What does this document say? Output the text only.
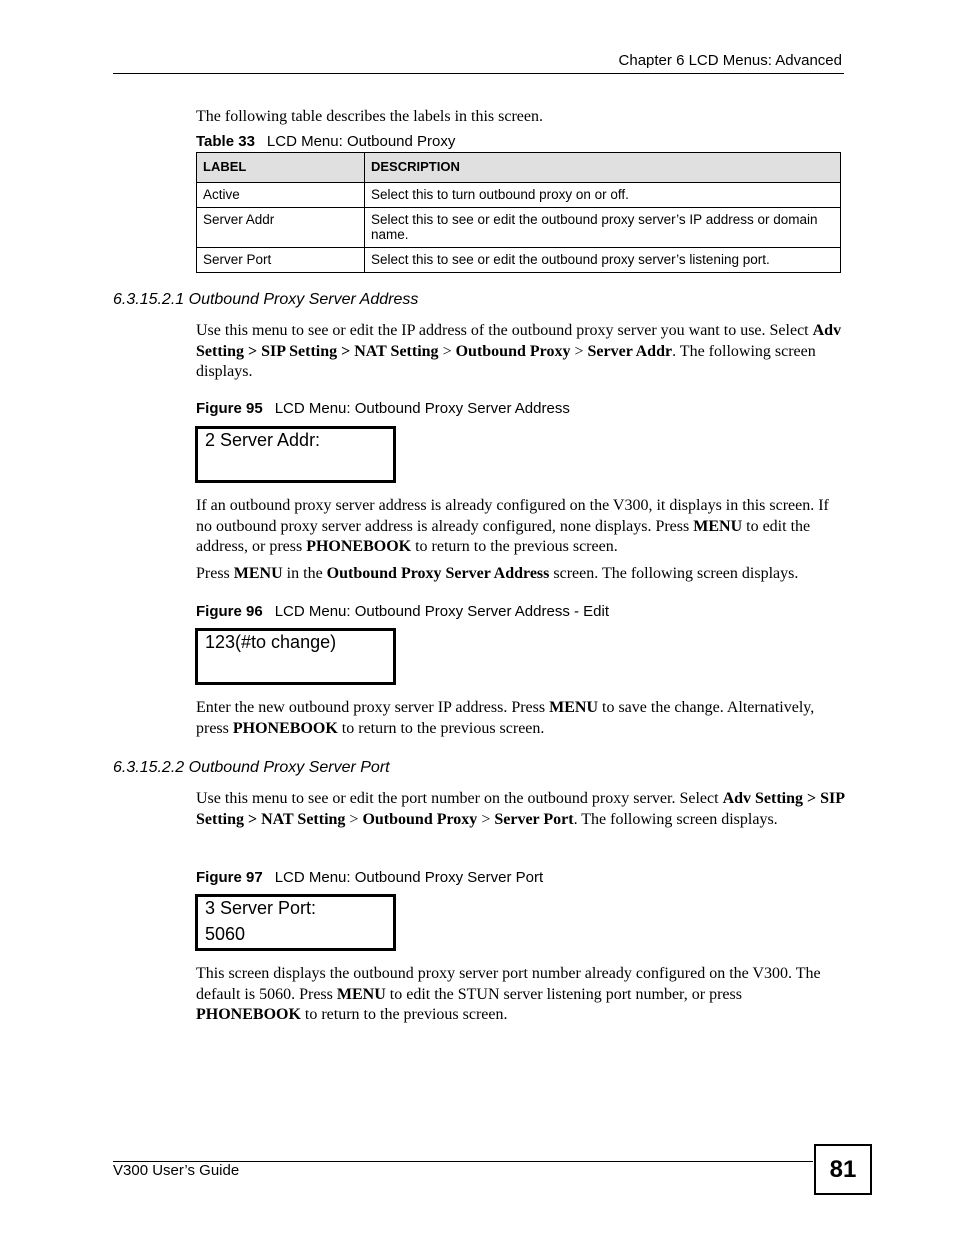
Chapter 6 LCD Menus: Advanced
The following table describes the labels in this screen.
Table 33 LCD Menu: Outbound Proxy
LABEL	DESCRIPTION
Active	Select this to turn outbound proxy on or off.
Server Addr	Select this to see or edit the outbound proxy server’s IP address or domain name.
Server Port	Select this to see or edit the outbound proxy server’s listening port.
6.3.15.2.1 Outbound Proxy Server Address
Use this menu to see or edit the IP address of the outbound proxy server you want to use. Select Adv Setting > SIP Setting > NAT Setting > Outbound Proxy > Server Addr. The following screen displays.
Figure 95 LCD Menu: Outbound Proxy Server Address
2 Server Addr:
If an outbound proxy server address is already configured on the V300, it displays in this screen. If no outbound proxy server address is already configured, none displays. Press MENU to edit the address, or press PHONEBOOK to return to the previous screen.
Press MENU in the Outbound Proxy Server Address screen. The following screen displays.
Figure 96 LCD Menu: Outbound Proxy Server Address - Edit
123(#to change)
Enter the new outbound proxy server IP address. Press MENU to save the change. Alternatively, press PHONEBOOK to return to the previous screen.
6.3.15.2.2 Outbound Proxy Server Port
Use this menu to see or edit the port number on the outbound proxy server. Select Adv Setting > SIP Setting > NAT Setting > Outbound Proxy > Server Port. The following screen displays.
Figure 97 LCD Menu: Outbound Proxy Server Port
3 Server Port:
5060
This screen displays the outbound proxy server port number already configured on the V300. The default is 5060. Press MENU to edit the STUN server listening port number, or press PHONEBOOK to return to the previous screen.
V300 User’s Guide	81
